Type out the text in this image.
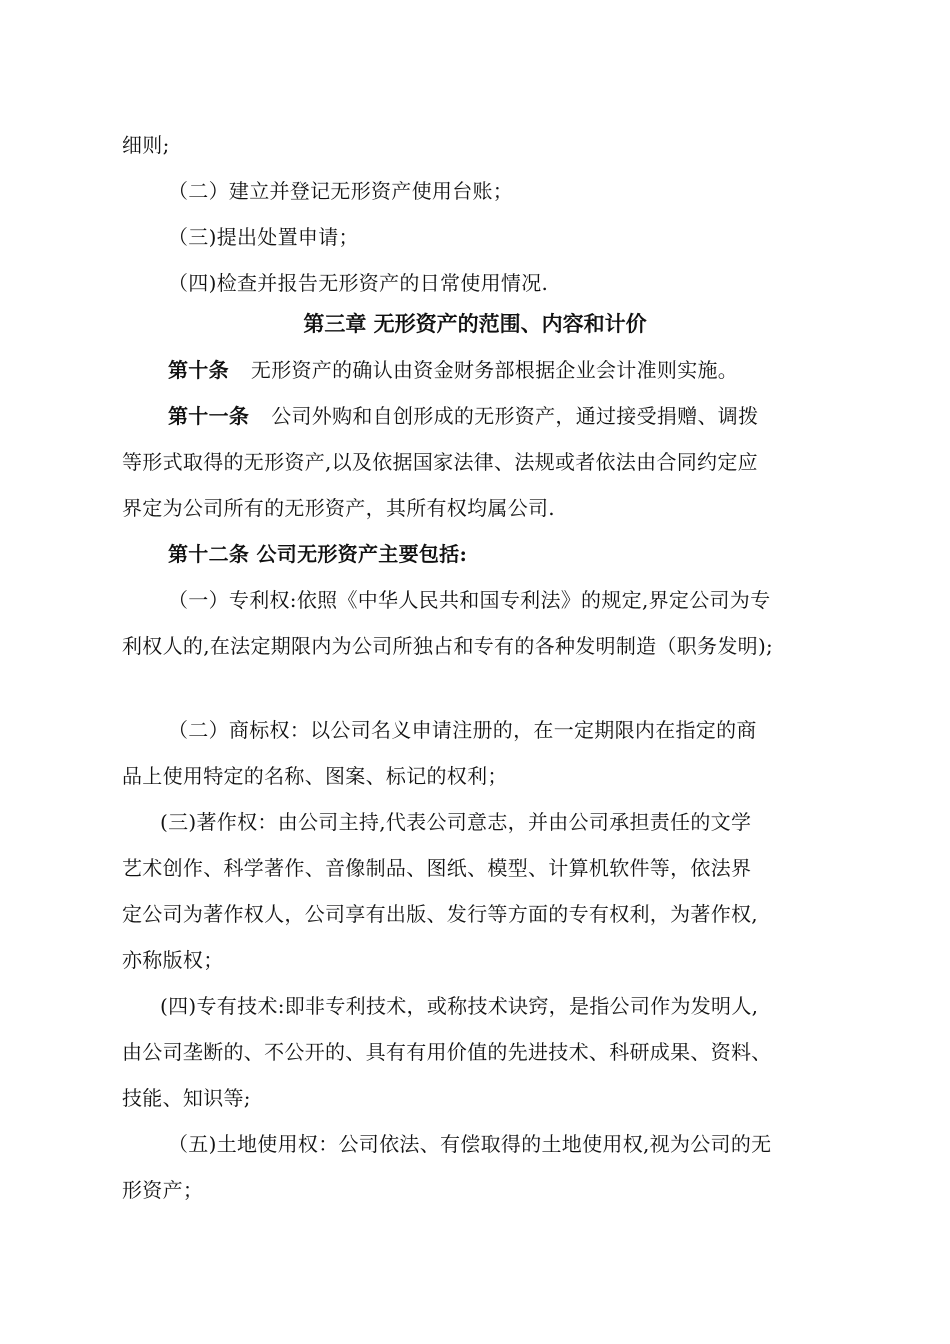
细则;
（二）建立并登记无形资产使用台账；
（三)提出处置申请；
（四)检查并报告无形资产的日常使用情况.
第三章 无形资产的范围、内容和计价
第十条 无形资产的确认由资金财务部根据企业会计准则实施。
第十一条 公司外购和自创形成的无形资产，通过接受捐赠、调拨
等形式取得的无形资产,以及依据国家法律、法规或者依法由合同约定应
界定为公司所有的无形资产，其所有权均属公司.
第十二条 公司无形资产主要包括:
（一）专利权:依照《中华人民共和国专利法》的规定,界定公司为专
利权人的,在法定期限内为公司所独占和专有的各种发明制造（职务发明);
（二）商标权：以公司名义申请注册的，在一定期限内在指定的商
品上使用特定的名称、图案、标记的权利；
(三)著作权：由公司主持,代表公司意志，并由公司承担责任的文学
艺术创作、科学著作、音像制品、图纸、模型、计算机软件等，依法界
定公司为著作权人，公司享有出版、发行等方面的专有权利，为著作权,
亦称版权；
(四)专有技术:即非专利技术，或称技术诀窍，是指公司作为发明人,
由公司垄断的、不公开的、具有有用价值的先进技术、科研成果、资料、
技能、知识等;
（五)土地使用权：公司依法、有偿取得的土地使用权,视为公司的无
形资产；
